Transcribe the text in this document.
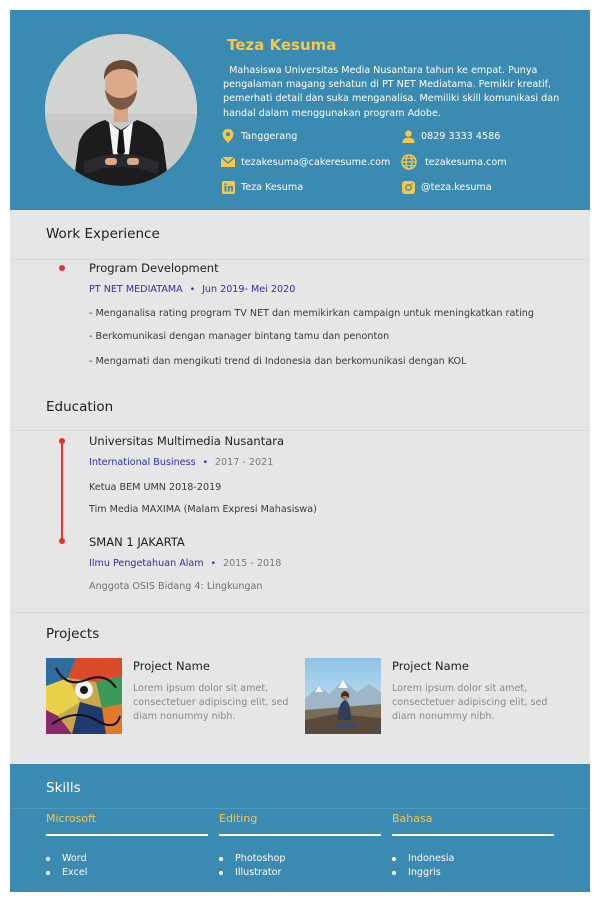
Teza Kesuma
Mahasiswa Universitas Media Nusantara tahun ke empat. Punya pengalaman magang sehatun di PT NET Mediatama. Pemikir kreatif, pemerhati detail dan suka menganalisa. Memiliki skill komunikasi dan handal dalam menggunakan program Adobe.
Tanggerang	0829 3333 4586
tezakesuma@cakeresume.com	tezakesuma.com
Teza Kesuma	@teza.kesuma
Work Experience
Program Development
PT NET MEDIATAMA • Jun 2019- Mei 2020
- Menganalisa rating program TV NET dan memikirkan campaign untuk meningkatkan rating
- Berkomunikasi dengan manager bintang tamu dan penonton
- Mengamati dan mengikuti trend di Indonesia dan berkomunikasi dengan KOL
Education
Universitas Multimedia Nusantara
International Business • 2017 - 2021
Ketua BEM UMN 2018-2019
Tim Media MAXIMA (Malam Expresi Mahasiswa)
SMAN 1 JAKARTA
Ilmu Pengetahuan Alam • 2015 - 2018
Anggota OSIS Bidang 4: Lingkungan
Projects
Project Name
Lorem ipsum dolor sit amet, consectetuer adipiscing elit, sed diam nonummy nibh.
Project Name
Lorem ipsum dolor sit amet, consectetuer adipiscing elit, sed diam nonummy nibh.
Skills
Microsoft
Word
Excel
Editing
Photoshop
Illustrator
Bahasa
Indonesia
Inggris
